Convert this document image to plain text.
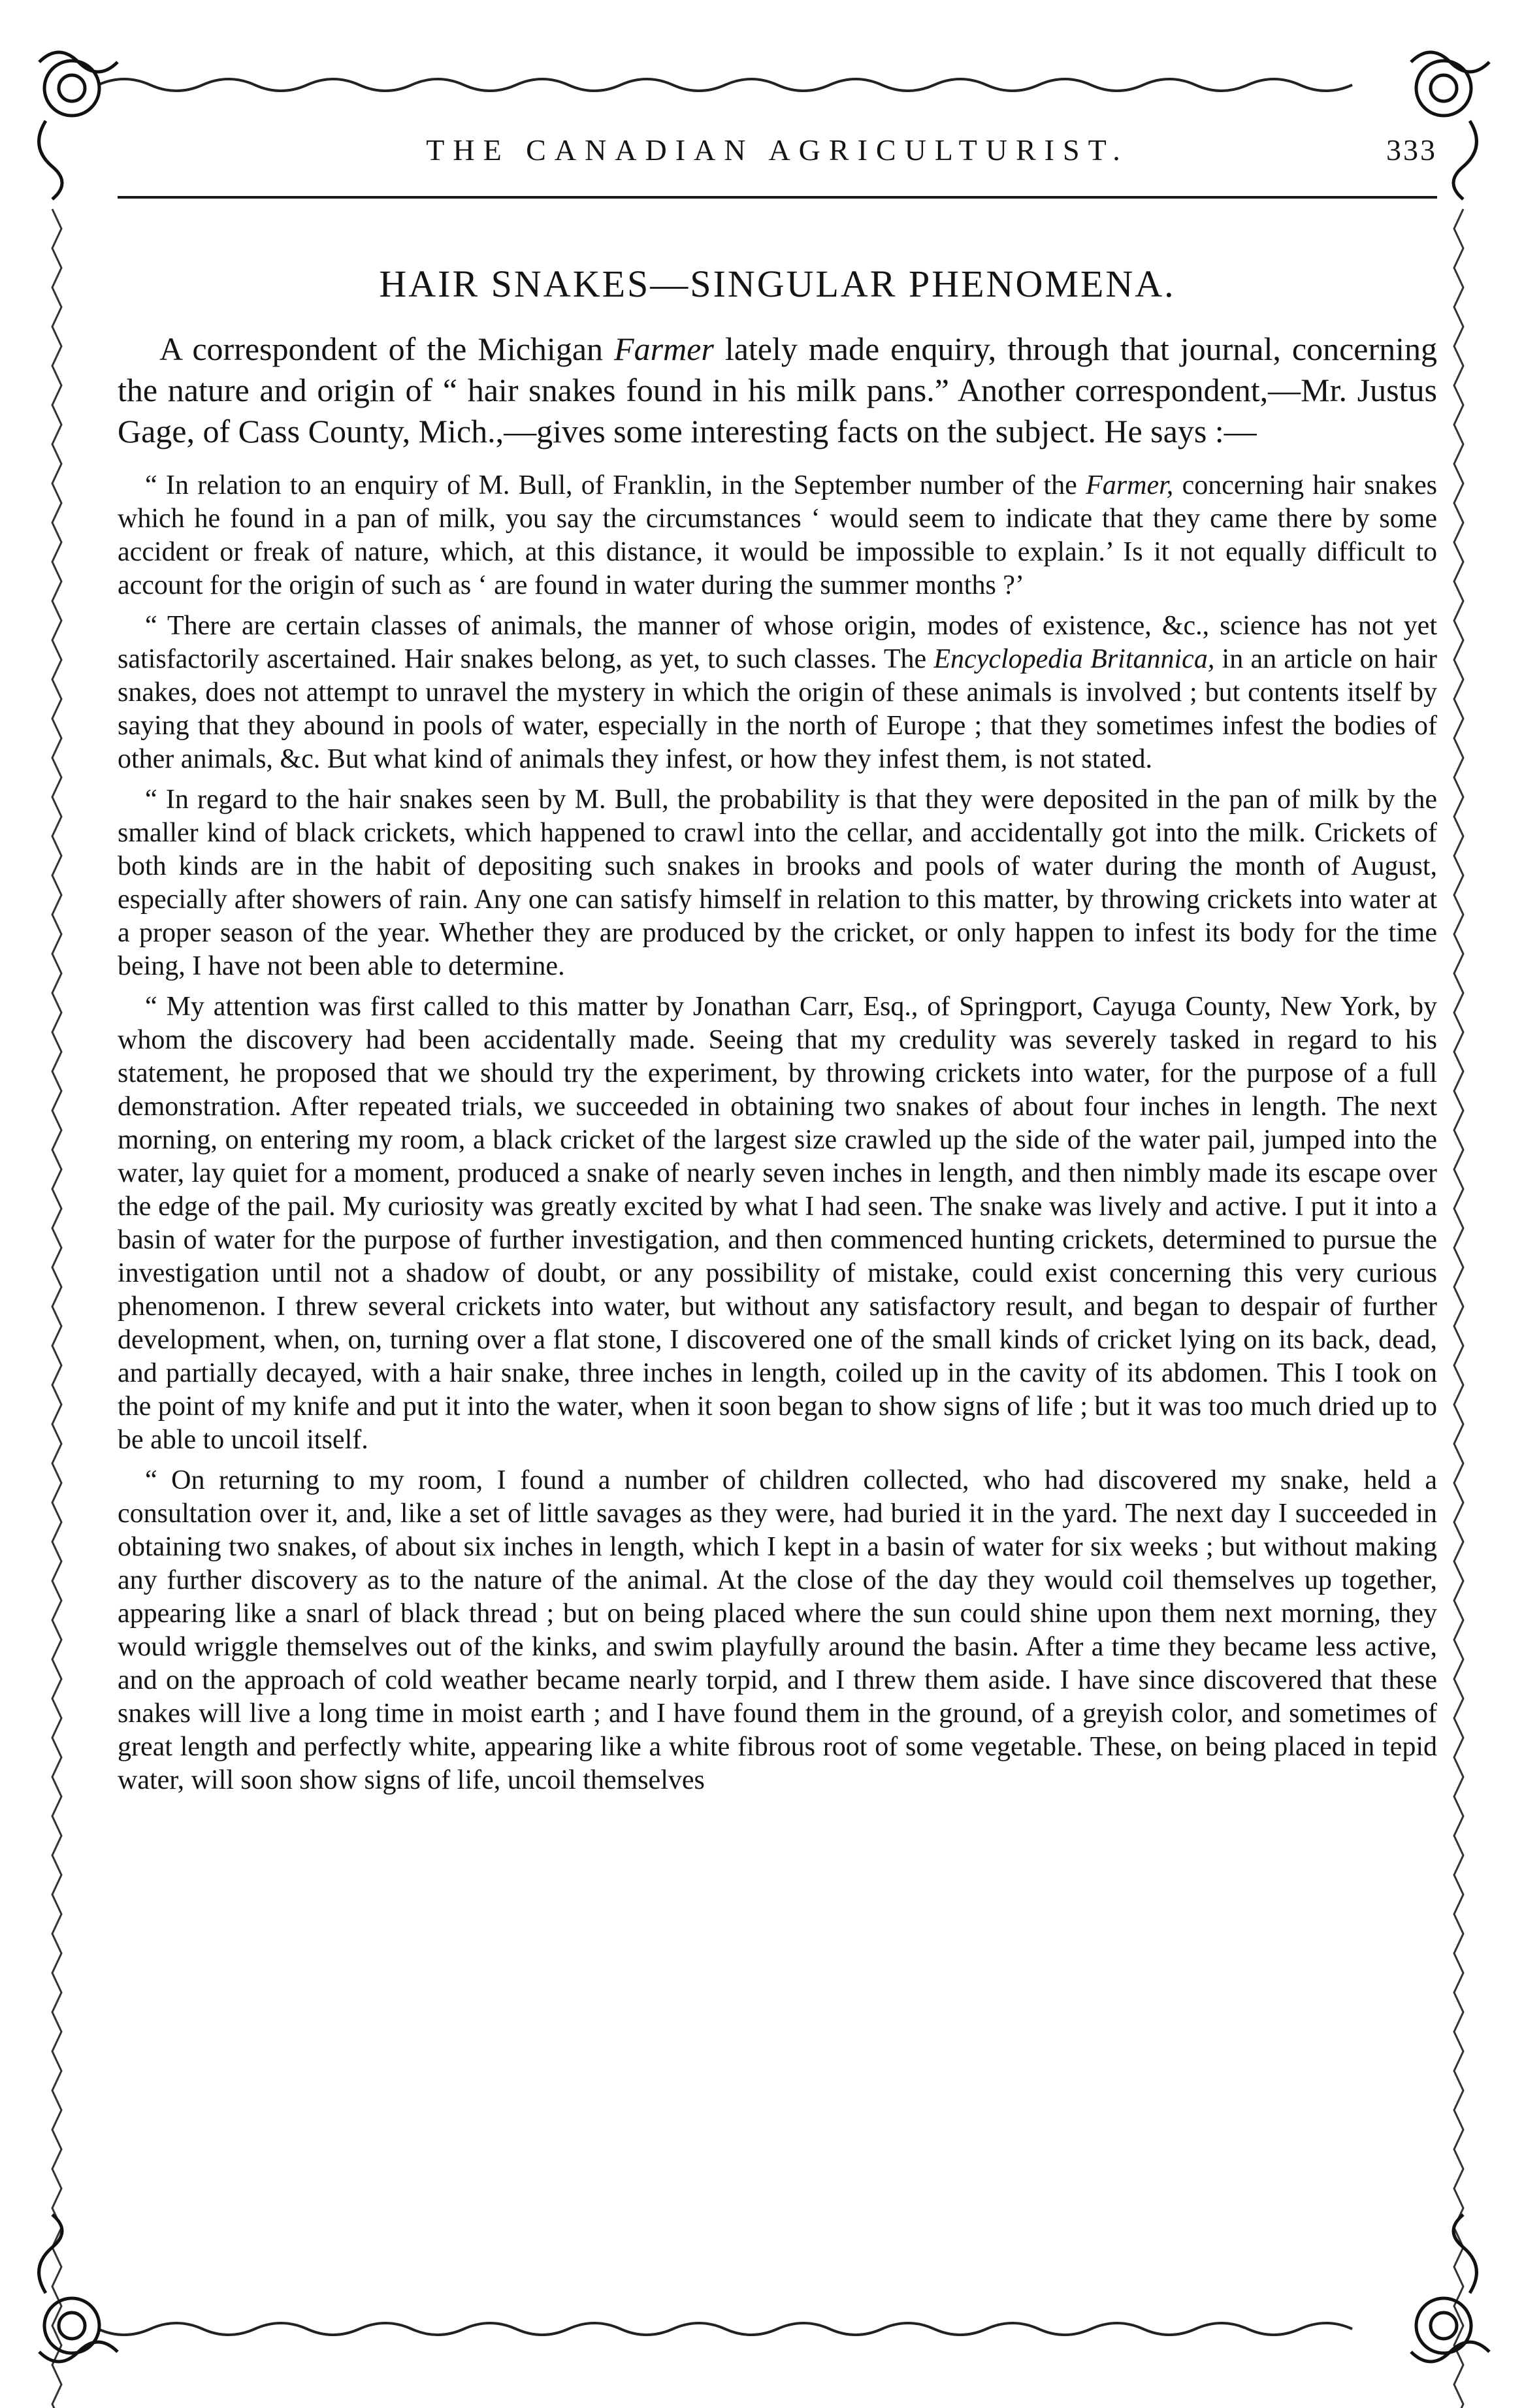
THE CANADIAN AGRICULTURIST.	333
HAIR SNAKES—SINGULAR PHENOMENA.

A correspondent of the Michigan Farmer lately made enquiry, through that journal, concerning the nature and origin of “ hair snakes found in his milk pans.” Another correspondent,—Mr. Justus Gage, of Cass County, Mich.,—gives some interesting facts on the subject. He says :—

“ In relation to an enquiry of M. Bull, of Franklin, in the September number of the Farmer, concerning hair snakes which he found in a pan of milk, you say the circumstances ‘ would seem to indicate that they came there by some accident or freak of nature, which, at this distance, it would be impossible to explain.’ Is it not equally difficult to account for the origin of such as ‘ are found in water during the summer months ?’

“ There are certain classes of animals, the manner of whose origin, modes of existence, &c., science has not yet satisfactorily ascertained. Hair snakes belong, as yet, to such classes. The Encyclopedia Britannica, in an article on hair snakes, does not attempt to unravel the mystery in which the origin of these animals is involved ; but contents itself by saying that they abound in pools of water, especially in the north of Europe ; that they sometimes infest the bodies of other animals, &c. But what kind of animals they infest, or how they infest them, is not stated.

“ In regard to the hair snakes seen by M. Bull, the probability is that they were deposited in the pan of milk by the smaller kind of black crickets, which happened to crawl into the cellar, and accidentally got into the milk. Crickets of both kinds are in the habit of depositing such snakes in brooks and pools of water during the month of August, especially after showers of rain. Any one can satisfy himself in relation to this matter, by throwing crickets into water at a proper season of the year. Whether they are produced by the cricket, or only happen to infest its body for the time being, I have not been able to determine.

“ My attention was first called to this matter by Jonathan Carr, Esq., of Springport, Cayuga County, New York, by whom the discovery had been accidentally made. Seeing that my credulity was severely tasked in regard to his statement, he proposed that we should try the experiment, by throwing crickets into water, for the purpose of a full demonstration. After repeated trials, we succeeded in obtaining two snakes of about four inches in length. The next morning, on entering my room, a black cricket of the largest size crawled up the side of the water pail, jumped into the water, lay quiet for a moment, produced a snake of nearly seven inches in length, and then nimbly made its escape over the edge of the pail. My curiosity was greatly excited by what I had seen. The snake was lively and active. I put it into a basin of water for the purpose of further investigation, and then commenced hunting crickets, determined to pursue the investigation until not a shadow of doubt, or any possibility of mistake, could exist concerning this very curious phenomenon. I threw several crickets into water, but without any satisfactory result, and began to despair of further development, when, on, turning over a flat stone, I discovered one of the small kinds of cricket lying on its back, dead, and partially decayed, with a hair snake, three inches in length, coiled up in the cavity of its abdomen. This I took on the point of my knife and put it into the water, when it soon began to show signs of life ; but it was too much dried up to be able to uncoil itself.

“ On returning to my room, I found a number of children collected, who had discovered my snake, held a consultation over it, and, like a set of little savages as they were, had buried it in the yard. The next day I succeeded in obtaining two snakes, of about six inches in length, which I kept in a basin of water for six weeks ; but without making any further discovery as to the nature of the animal. At the close of the day they would coil themselves up together, appearing like a snarl of black thread ; but on being placed where the sun could shine upon them next morning, they would wriggle themselves out of the kinks, and swim playfully around the basin. After a time they became less active, and on the approach of cold weather became nearly torpid, and I threw them aside. I have since discovered that these snakes will live a long time in moist earth ; and I have found them in the ground, of a greyish color, and sometimes of great length and perfectly white, appearing like a white fibrous root of some vegetable. These, on being placed in tepid water, will soon show signs of life, uncoil themselves
